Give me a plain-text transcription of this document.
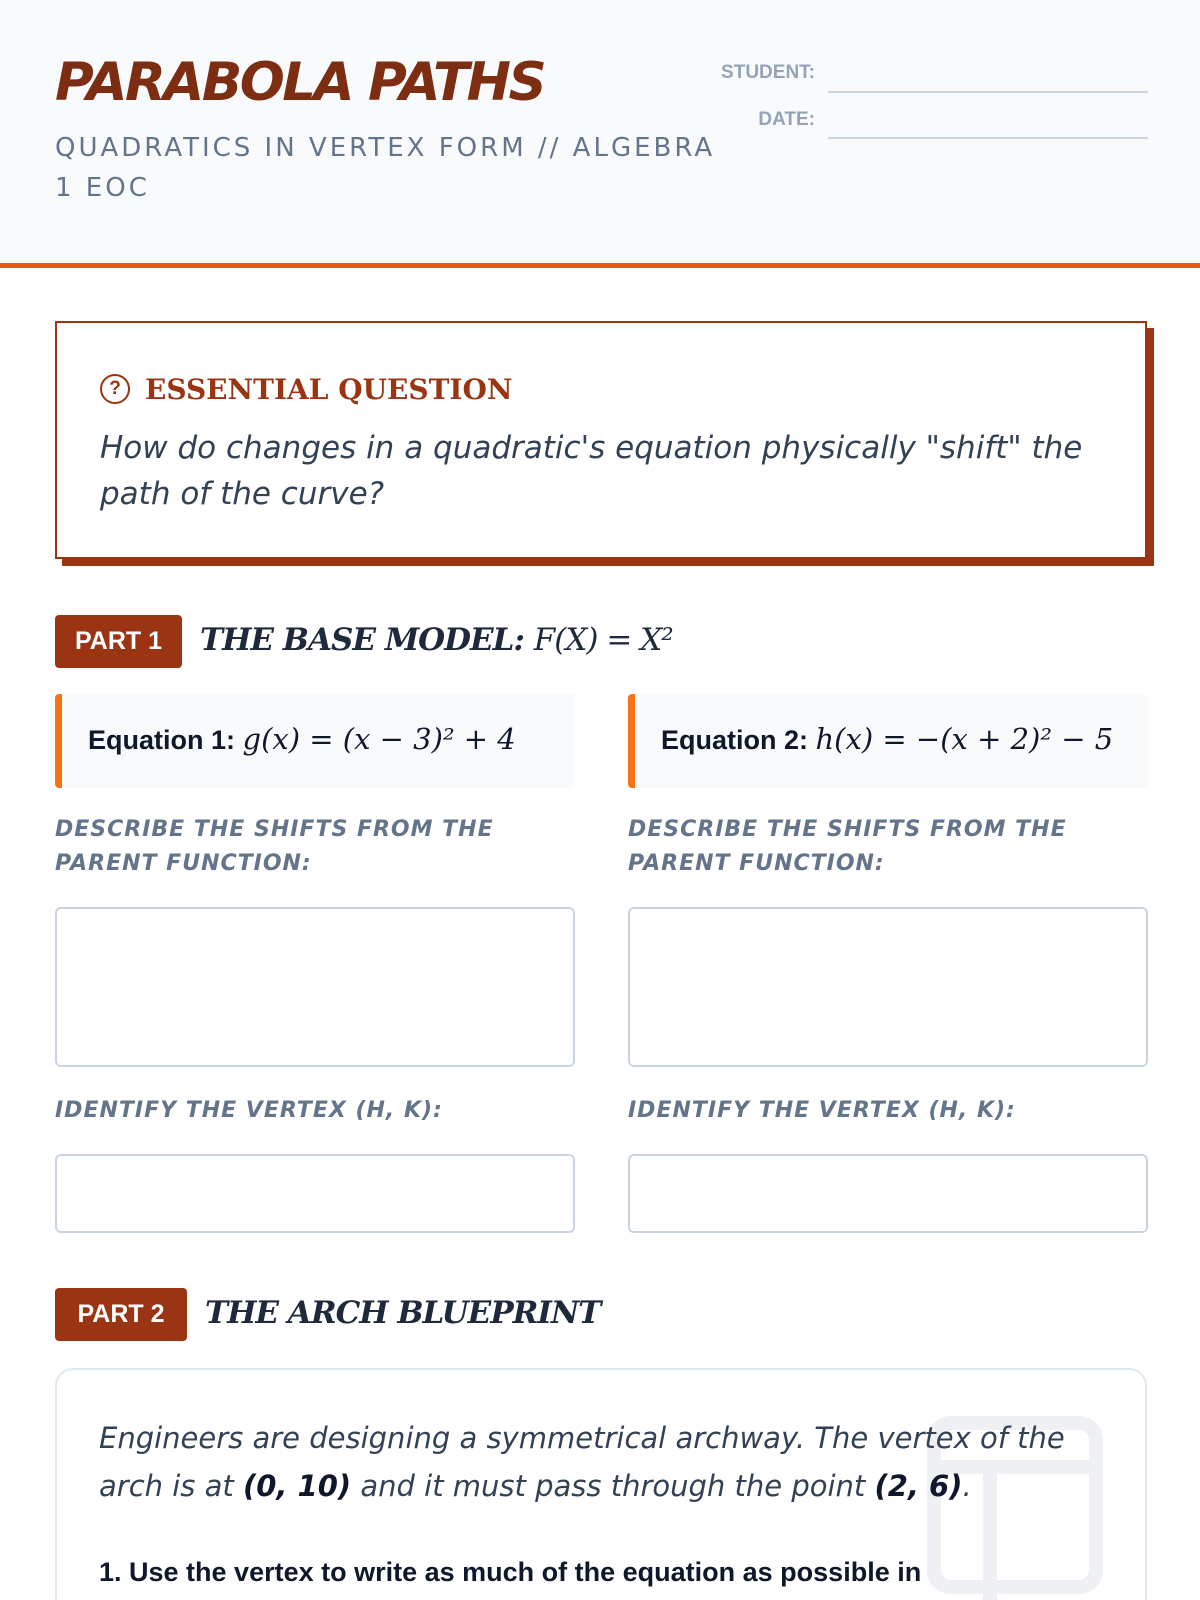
PARABOLA PATHS
QUADRATICS IN VERTEX FORM // ALGEBRA 1 EOC
STUDENT:
DATE:
? ESSENTIAL QUESTION
How do changes in a quadratic's equation physically "shift" the path of the curve?
PART 1	THE BASE MODEL: F(X) = X²
Equation 1: g(x) = (x − 3)² + 4	Equation 2: h(x) = −(x + 2)² − 5
DESCRIBE THE SHIFTS FROM THE PARENT FUNCTION:
DESCRIBE THE SHIFTS FROM THE PARENT FUNCTION:
IDENTIFY THE VERTEX (H, K):	IDENTIFY THE VERTEX (H, K):
PART 2	THE ARCH BLUEPRINT
Engineers are designing a symmetrical archway. The vertex of the arch is at (0, 10) and it must pass through the point (2, 6).
1. Use the vertex to write as much of the equation as possible in
